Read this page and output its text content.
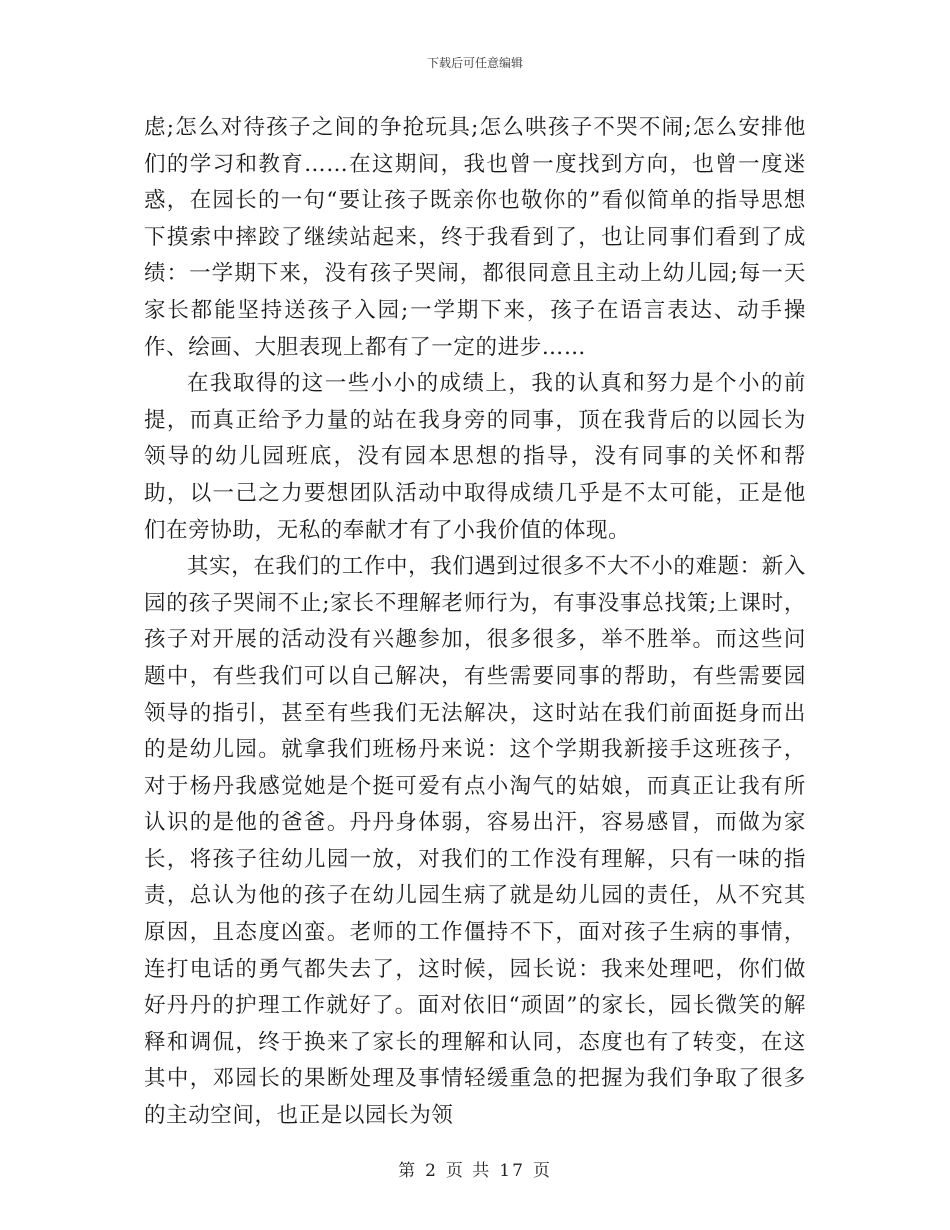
下载后可任意编辑

虑;怎么对待孩子之间的争抢玩具;怎么哄孩子不哭不闹;怎么安排他们的学习和教育……在这期间，我也曾一度找到方向，也曾一度迷惑，在园长的一句“要让孩子既亲你也敬你的”看似简单的指导思想下摸索中摔跤了继续站起来，终于我看到了，也让同事们看到了成绩：一学期下来，没有孩子哭闹，都很同意且主动上幼儿园;每一天家长都能坚持送孩子入园;一学期下来，孩子在语言表达、动手操作、绘画、大胆表现上都有了一定的进步……

在我取得的这一些小小的成绩上，我的认真和努力是个小的前提，而真正给予力量的站在我身旁的同事，顶在我背后的以园长为领导的幼儿园班底，没有园本思想的指导，没有同事的关怀和帮助，以一己之力要想团队活动中取得成绩几乎是不太可能，正是他们在旁协助，无私的奉献才有了小我价值的体现。

其实，在我们的工作中，我们遇到过很多不大不小的难题：新入园的孩子哭闹不止;家长不理解老师行为，有事没事总找策;上课时，孩子对开展的活动没有兴趣参加，很多很多，举不胜举。而这些问题中，有些我们可以自己解决，有些需要同事的帮助，有些需要园领导的指引，甚至有些我们无法解决，这时站在我们前面挺身而出的是幼儿园。就拿我们班杨丹来说：这个学期我新接手这班孩子，对于杨丹我感觉她是个挺可爱有点小淘气的姑娘，而真正让我有所认识的是他的爸爸。丹丹身体弱，容易出汗，容易感冒，而做为家长，将孩子往幼儿园一放，对我们的工作没有理解，只有一味的指责，总认为他的孩子在幼儿园生病了就是幼儿园的责任，从不究其原因，且态度凶蛮。老师的工作僵持不下，面对孩子生病的事情，连打电话的勇气都失去了，这时候，园长说：我来处理吧，你们做好丹丹的护理工作就好了。面对依旧“顽固”的家长，园长微笑的解释和调侃，终于换来了家长的理解和认同，态度也有了转变，在这其中，邓园长的果断处理及事情轻缓重急的把握为我们争取了很多的主动空间，也正是以园长为领

第 2 页 共 17 页
